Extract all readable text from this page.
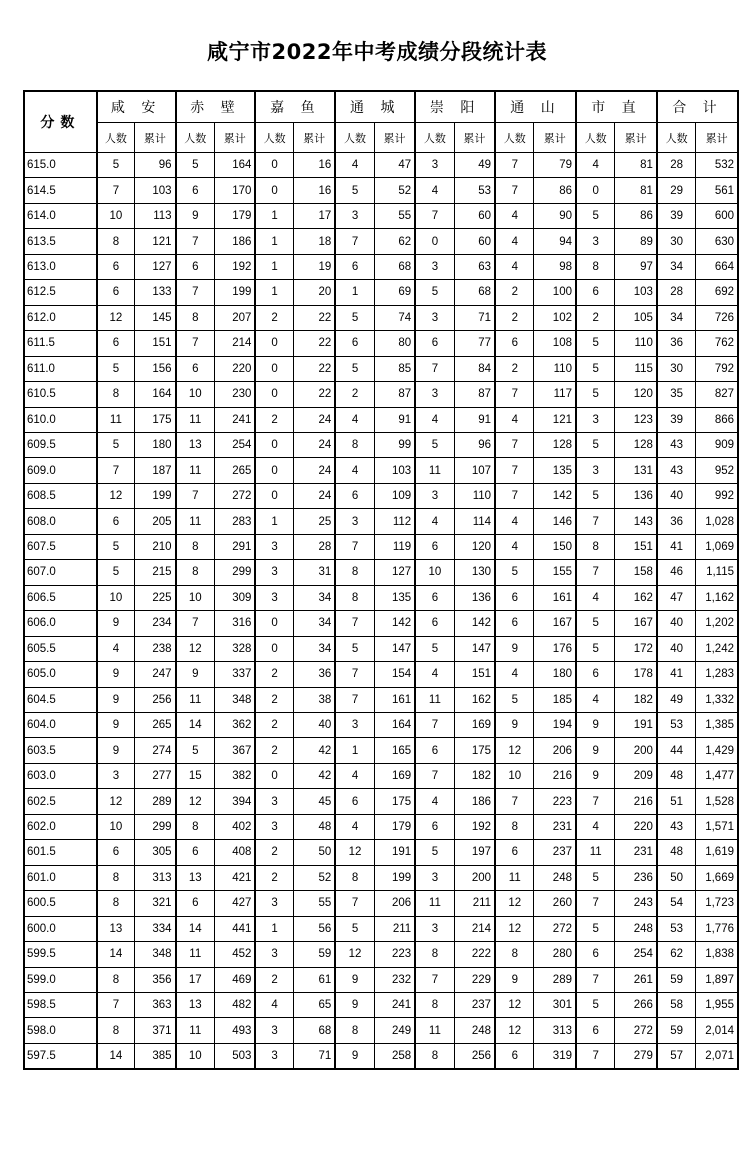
咸宁市2022年中考成绩分段统计表
分数	咸 安		赤 壁		嘉 鱼		通 城		崇 阳		通 山		市 直		合 计	
	人数	累计	人数	累计	人数	累计	人数	累计	人数	累计	人数	累计	人数	累计	人数	累计
615.0	5	96	5	164	0	16	4	47	3	49	7	79	4	81	28	532
614.5	7	103	6	170	0	16	5	52	4	53	7	86	0	81	29	561
614.0	10	113	9	179	1	17	3	55	7	60	4	90	5	86	39	600
613.5	8	121	7	186	1	18	7	62	0	60	4	94	3	89	30	630
613.0	6	127	6	192	1	19	6	68	3	63	4	98	8	97	34	664
612.5	6	133	7	199	1	20	1	69	5	68	2	100	6	103	28	692
612.0	12	145	8	207	2	22	5	74	3	71	2	102	2	105	34	726
611.5	6	151	7	214	0	22	6	80	6	77	6	108	5	110	36	762
611.0	5	156	6	220	0	22	5	85	7	84	2	110	5	115	30	792
610.5	8	164	10	230	0	22	2	87	3	87	7	117	5	120	35	827
610.0	11	175	11	241	2	24	4	91	4	91	4	121	3	123	39	866
609.5	5	180	13	254	0	24	8	99	5	96	7	128	5	128	43	909
609.0	7	187	11	265	0	24	4	103	11	107	7	135	3	131	43	952
608.5	12	199	7	272	0	24	6	109	3	110	7	142	5	136	40	992
608.0	6	205	11	283	1	25	3	112	4	114	4	146	7	143	36	1,028
607.5	5	210	8	291	3	28	7	119	6	120	4	150	8	151	41	1,069
607.0	5	215	8	299	3	31	8	127	10	130	5	155	7	158	46	1,115
606.5	10	225	10	309	3	34	8	135	6	136	6	161	4	162	47	1,162
606.0	9	234	7	316	0	34	7	142	6	142	6	167	5	167	40	1,202
605.5	4	238	12	328	0	34	5	147	5	147	9	176	5	172	40	1,242
605.0	9	247	9	337	2	36	7	154	4	151	4	180	6	178	41	1,283
604.5	9	256	11	348	2	38	7	161	11	162	5	185	4	182	49	1,332
604.0	9	265	14	362	2	40	3	164	7	169	9	194	9	191	53	1,385
603.5	9	274	5	367	2	42	1	165	6	175	12	206	9	200	44	1,429
603.0	3	277	15	382	0	42	4	169	7	182	10	216	9	209	48	1,477
602.5	12	289	12	394	3	45	6	175	4	186	7	223	7	216	51	1,528
602.0	10	299	8	402	3	48	4	179	6	192	8	231	4	220	43	1,571
601.5	6	305	6	408	2	50	12	191	5	197	6	237	11	231	48	1,619
601.0	8	313	13	421	2	52	8	199	3	200	11	248	5	236	50	1,669
600.5	8	321	6	427	3	55	7	206	11	211	12	260	7	243	54	1,723
600.0	13	334	14	441	1	56	5	211	3	214	12	272	5	248	53	1,776
599.5	14	348	11	452	3	59	12	223	8	222	8	280	6	254	62	1,838
599.0	8	356	17	469	2	61	9	232	7	229	9	289	7	261	59	1,897
598.5	7	363	13	482	4	65	9	241	8	237	12	301	5	266	58	1,955
598.0	8	371	11	493	3	68	8	249	11	248	12	313	6	272	59	2,014
597.5	14	385	10	503	3	71	9	258	8	256	6	319	7	279	57	2,071
